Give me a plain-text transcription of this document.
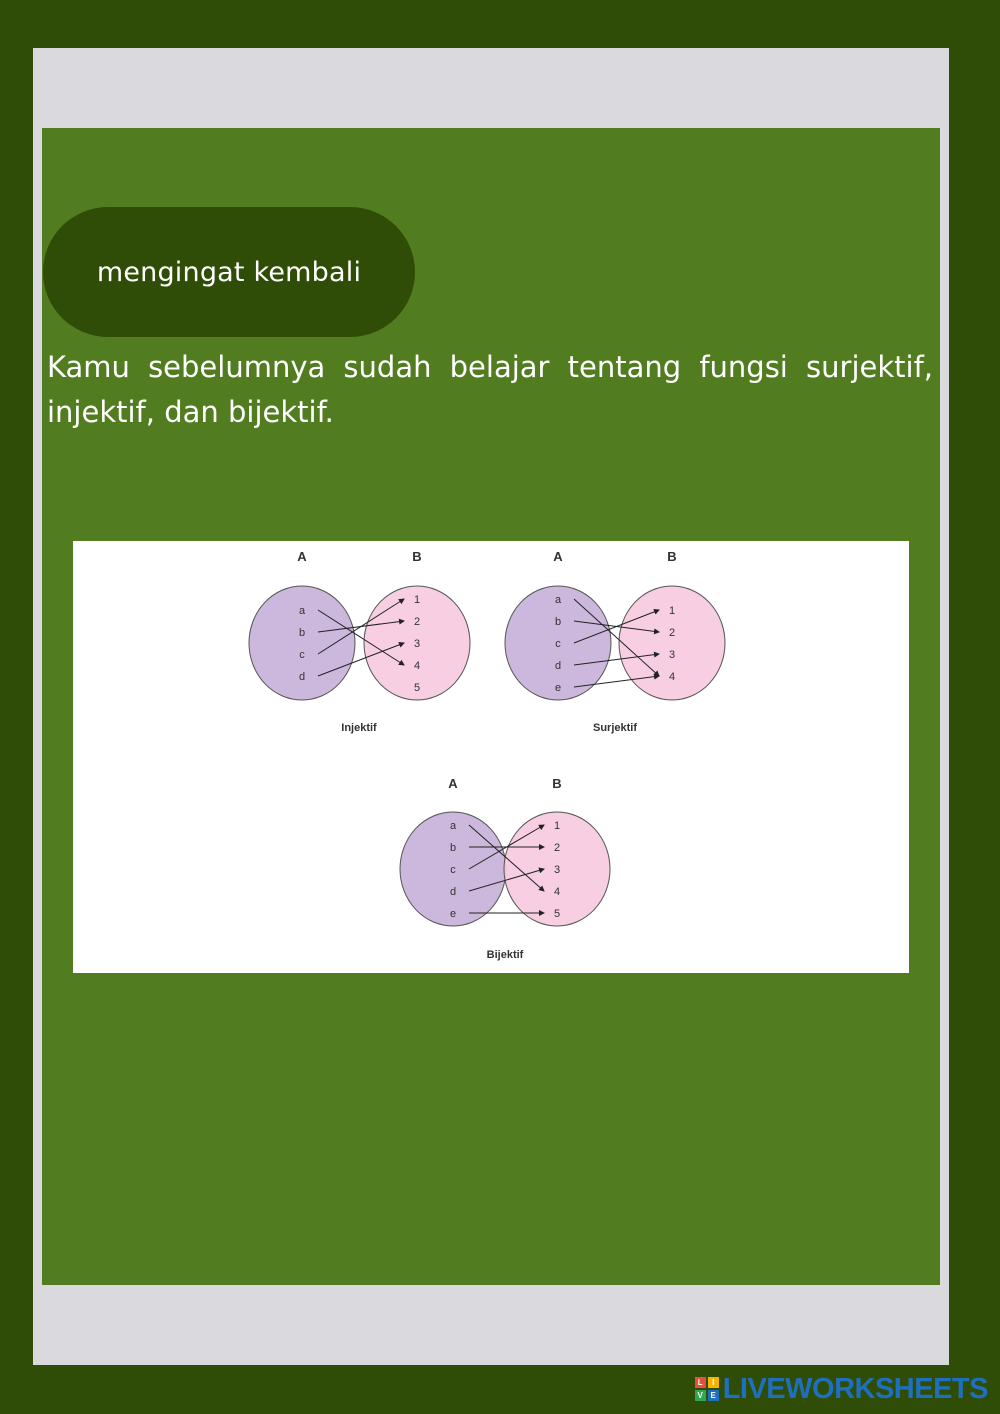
mengingat kembali
Kamu sebelumnya sudah belajar tentang fungsi surjektif, injektif, dan bijektif.
A	B
a
b
c
d
1
2
3
4
5
Injektif
A	B
a
b
c
d
e
1
2
3
4
Surjektif
A	B
a
b
c
d
e
1
2
3
4
5
Bijektif
L	I
V E LIVEWORKSHEETS
